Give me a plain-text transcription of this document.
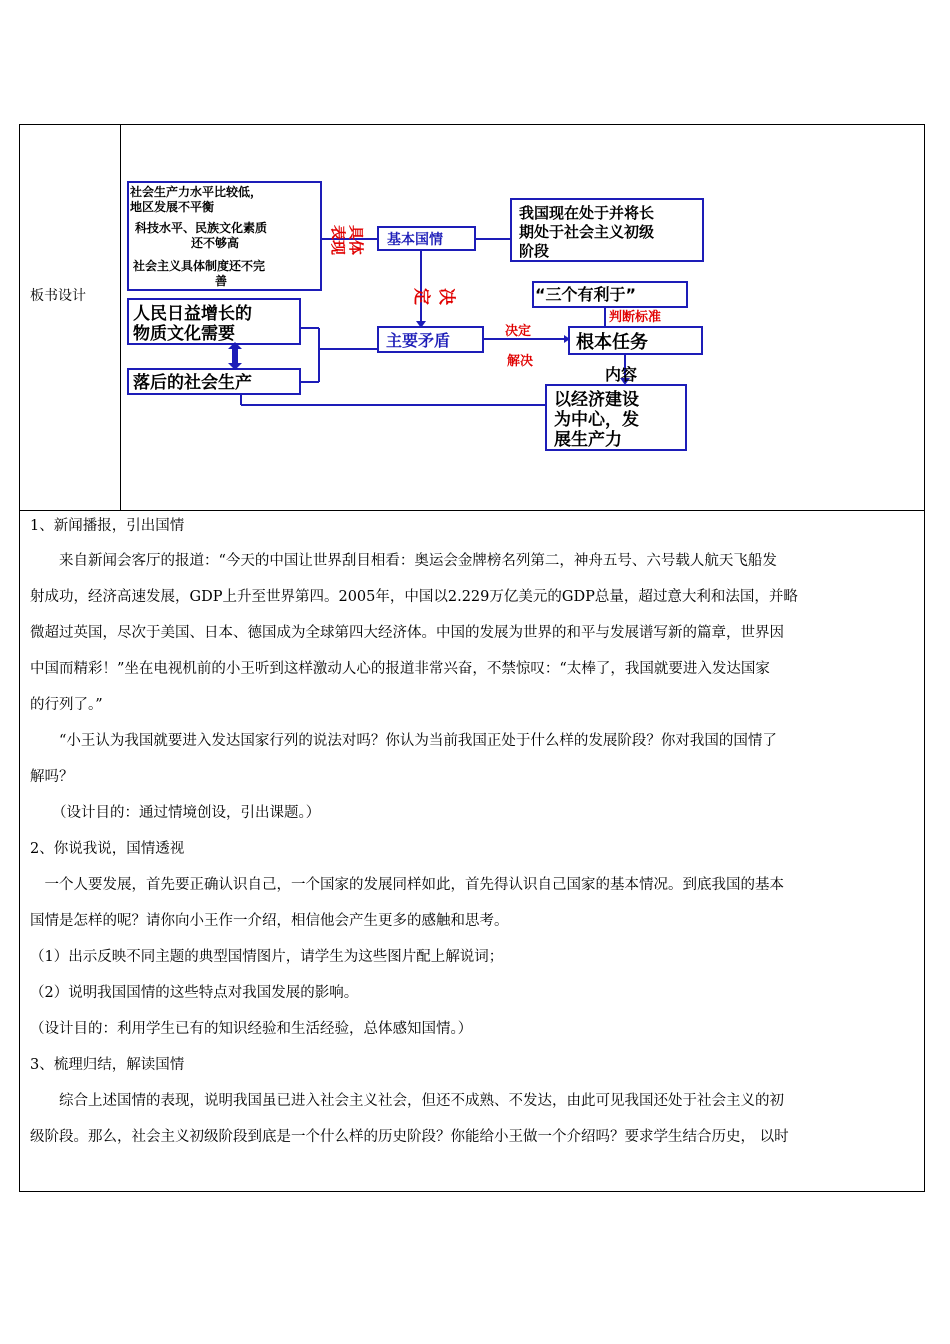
板书设计
社会生产力水平比较低，
地区发展不平衡
科技水平、民族文化素质
还不够高
社会主义具体制度还不完
善
具体
表现
决
定
基本国情
我国现在处于并将长
期处于社会主义初级
阶段
“三个有利于”
判断标准
人民日益增长的
物质文化需要
落后的社会生产
主要矛盾	决定
解决
根本任务
内容
以经济建设
为中心，发
展生产力

1、新闻播报，引出国情

来自新闻会客厅的报道：“今天的中国让世界刮目相看：奥运会金牌榜名列第二，神舟五号、六号载人航天飞船发

射成功，经济高速发展，GDP上升至世界第四。2005年，中国以2.229万亿美元的GDP总量，超过意大利和法国，并略

微超过英国，尽次于美国、日本、德国成为全球第四大经济体。中国的发展为世界的和平与发展谱写新的篇章，世界因

中国而精彩！”坐在电视机前的小王听到这样激动人心的报道非常兴奋，不禁惊叹：“太棒了，我国就要进入发达国家

的行列了。”

“小王认为我国就要进入发达国家行列的说法对吗？你认为当前我国正处于什么样的发展阶段？你对我国的国情了

解吗？

（设计目的：通过情境创设，引出课题。）

2、你说我说，国情透视

一个人要发展，首先要正确认识自己，一个国家的发展同样如此，首先得认识自己国家的基本情况。到底我国的基本

国情是怎样的呢？请你向小王作一介绍，相信他会产生更多的感触和思考。

（1）出示反映不同主题的典型国情图片，请学生为这些图片配上解说词；

（2）说明我国国情的这些特点对我国发展的影响。

（设计目的：利用学生已有的知识经验和生活经验，总体感知国情。）

3、梳理归结，解读国情

综合上述国情的表现，说明我国虽已进入社会主义社会，但还不成熟、不发达，由此可见我国还处于社会主义的初

级阶段。那么，社会主义初级阶段到底是一个什么样的历史阶段？你能给小王做一个介绍吗？要求学生结合历史， 以时
